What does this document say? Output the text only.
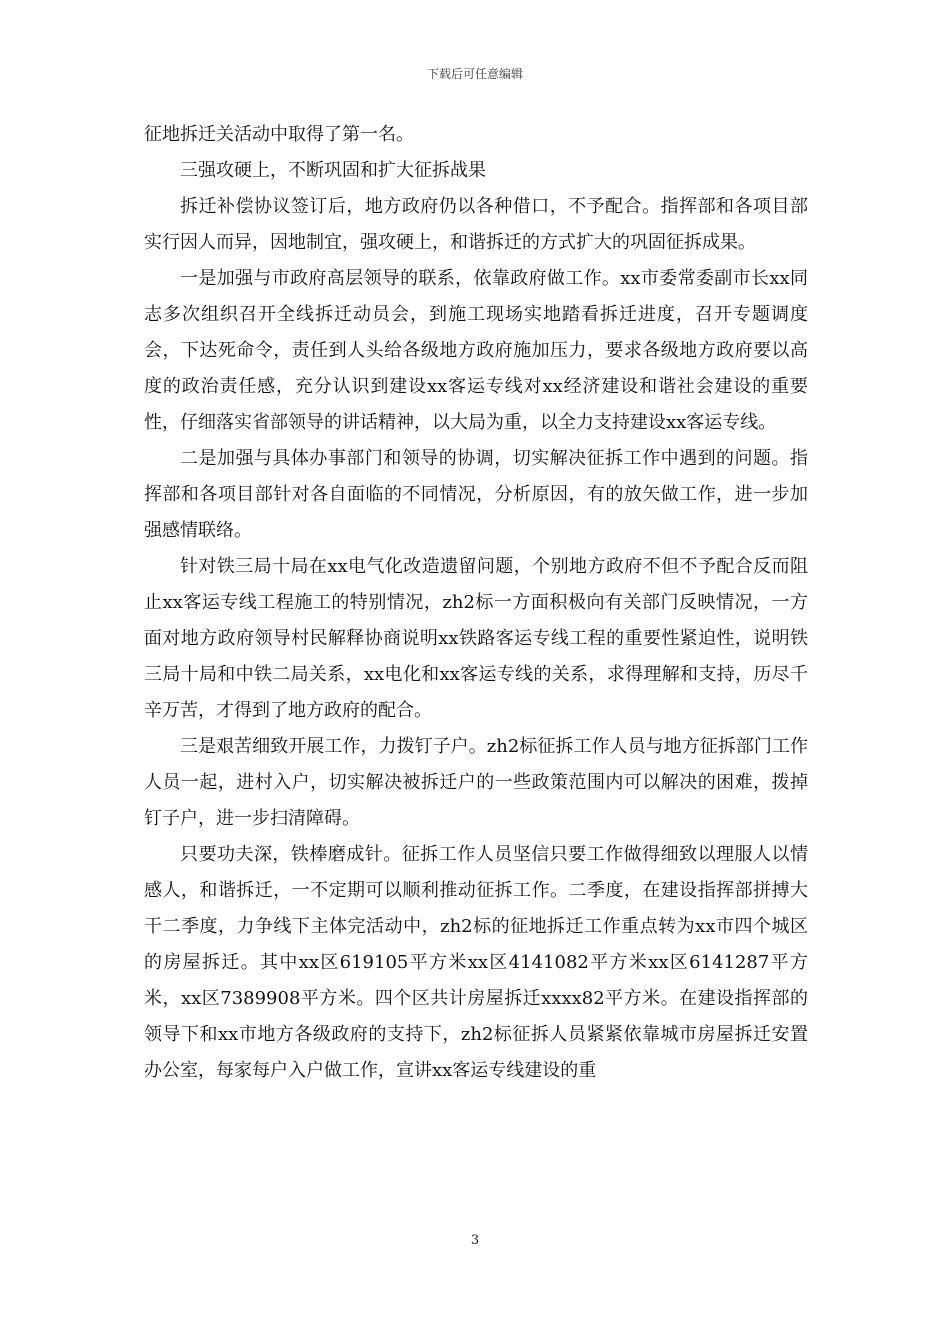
下载后可任意编辑

征地拆迁关活动中取得了第一名。

三强攻硬上，不断巩固和扩大征拆战果

拆迁补偿协议签订后，地方政府仍以各种借口，不予配合。指挥部和各项目部实行因人而异，因地制宜，强攻硬上，和谐拆迁的方式扩大的巩固征拆成果。

一是加强与市政府高层领导的联系，依靠政府做工作。xx市委常委副市长xx同志多次组织召开全线拆迁动员会，到施工现场实地踏看拆迁进度，召开专题调度会，下达死命令，责任到人头给各级地方政府施加压力，要求各级地方政府要以高度的政治责任感，充分认识到建设xx客运专线对xx经济建设和谐社会建设的重要性，仔细落实省部领导的讲话精神，以大局为重，以全力支持建设xx客运专线。

二是加强与具体办事部门和领导的协调，切实解决征拆工作中遇到的问题。指挥部和各项目部针对各自面临的不同情况，分析原因，有的放矢做工作，进一步加强感情联络。

针对铁三局十局在xx电气化改造遗留问题，个别地方政府不但不予配合反而阻止xx客运专线工程施工的特别情况，zh2标一方面积极向有关部门反映情况，一方面对地方政府领导村民解释协商说明xx铁路客运专线工程的重要性紧迫性，说明铁三局十局和中铁二局关系，xx电化和xx客运专线的关系，求得理解和支持，历尽千辛万苦，才得到了地方政府的配合。

三是艰苦细致开展工作，力拨钉子户。zh2标征拆工作人员与地方征拆部门工作人员一起，进村入户，切实解决被拆迁户的一些政策范围内可以解决的困难，拨掉钉子户，进一步扫清障碍。

只要功夫深，铁棒磨成针。征拆工作人员坚信只要工作做得细致以理服人以情感人，和谐拆迁，一不定期可以顺利推动征拆工作。二季度，在建设指挥部拼搏大干二季度，力争线下主体完活动中，zh2标的征地拆迁工作重点转为xx市四个城区的房屋拆迁。其中xx区619105平方米xx区4141082平方米xx区6141287平方米，xx区7389908平方米。四个区共计房屋拆迁xxxx82平方米。在建设指挥部的领导下和xx市地方各级政府的支持下，zh2标征拆人员紧紧依靠城市房屋拆迁安置办公室，每家每户入户做工作，宣讲xx客运专线建设的重

3
